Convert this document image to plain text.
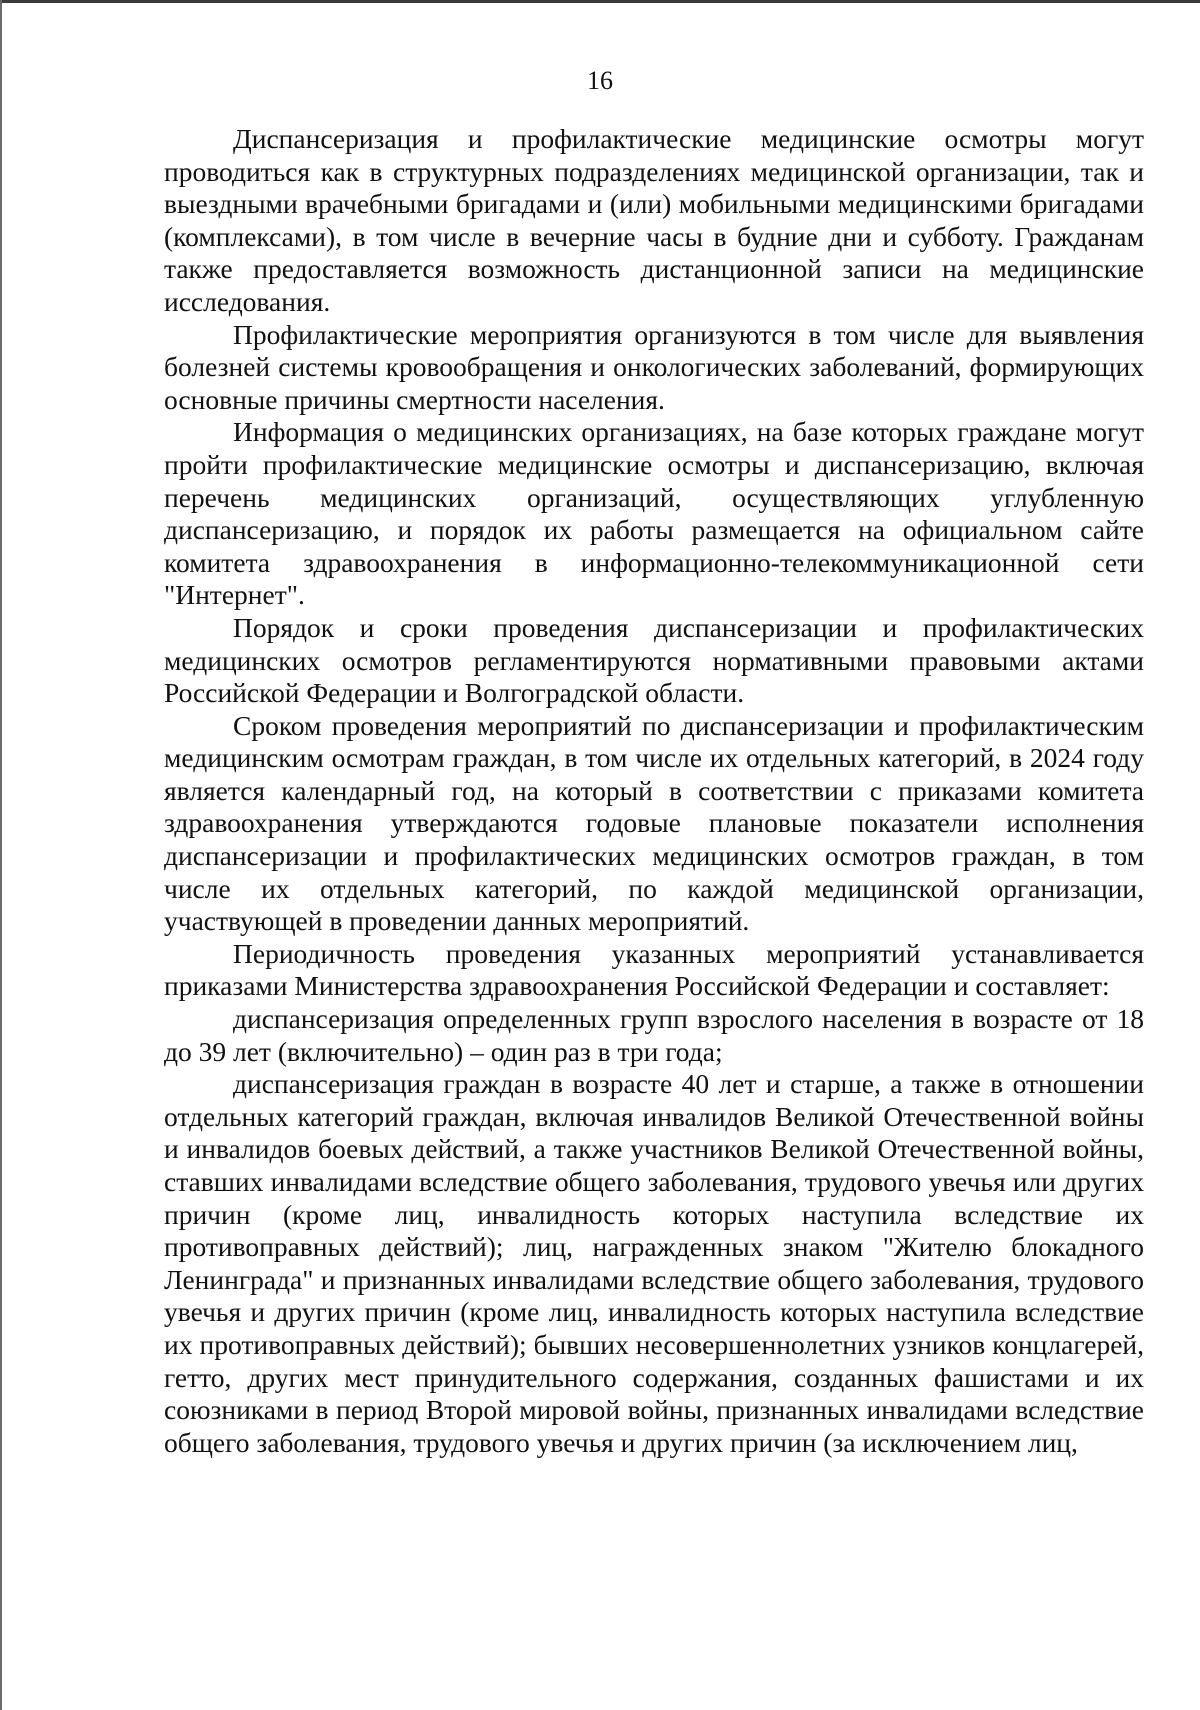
16

Диспансеризация и профилактические медицинские осмотры могут проводиться как в структурных подразделениях медицинской организации, так и выездными врачебными бригадами и (или) мобильными медицинскими бригадами (комплексами), в том числе в вечерние часы в будние дни и субботу. Гражданам также предоставляется возможность дистанционной записи на медицинские исследования.

Профилактические мероприятия организуются в том числе для выявления болезней системы кровообращения и онкологических заболеваний, формирующих основные причины смертности населения.

Информация о медицинских организациях, на базе которых граждане могут пройти профилактические медицинские осмотры и диспансеризацию, включая перечень медицинских организаций, осуществляющих углубленную диспансеризацию, и порядок их работы размещается на официальном сайте комитета здравоохранения в информационно-телекоммуникационной сети "Интернет".

Порядок и сроки проведения диспансеризации и профилактических медицинских осмотров регламентируются нормативными правовыми актами Российской Федерации и Волгоградской области.

Сроком проведения мероприятий по диспансеризации и профилактическим медицинским осмотрам граждан, в том числе их отдельных категорий, в 2024 году является календарный год, на который в соответствии с приказами комитета здравоохранения утверждаются годовые плановые показатели исполнения диспансеризации и профилактических медицинских осмотров граждан, в том числе их отдельных категорий, по каждой медицинской организации, участвующей в проведении данных мероприятий.

Периодичность проведения указанных мероприятий устанавливается приказами Министерства здравоохранения Российской Федерации и составляет:

диспансеризация определенных групп взрослого населения в возрасте от 18 до 39 лет (включительно) – один раз в три года;

диспансеризация граждан в возрасте 40 лет и старше, а также в отношении отдельных категорий граждан, включая инвалидов Великой Отечественной войны и инвалидов боевых действий, а также участников Великой Отечественной войны, ставших инвалидами вследствие общего заболевания, трудового увечья или других причин (кроме лиц, инвалидность которых наступила вследствие их противоправных действий); лиц, награжденных знаком "Жителю блокадного Ленинграда" и признанных инвалидами вследствие общего заболевания, трудового увечья и других причин (кроме лиц, инвалидность которых наступила вследствие их противоправных действий); бывших несовершеннолетних узников концлагерей, гетто, других мест принудительного содержания, созданных фашистами и их союзниками в период Второй мировой войны, признанных инвалидами вследствие общего заболевания, трудового увечья и других причин (за исключением лиц,
